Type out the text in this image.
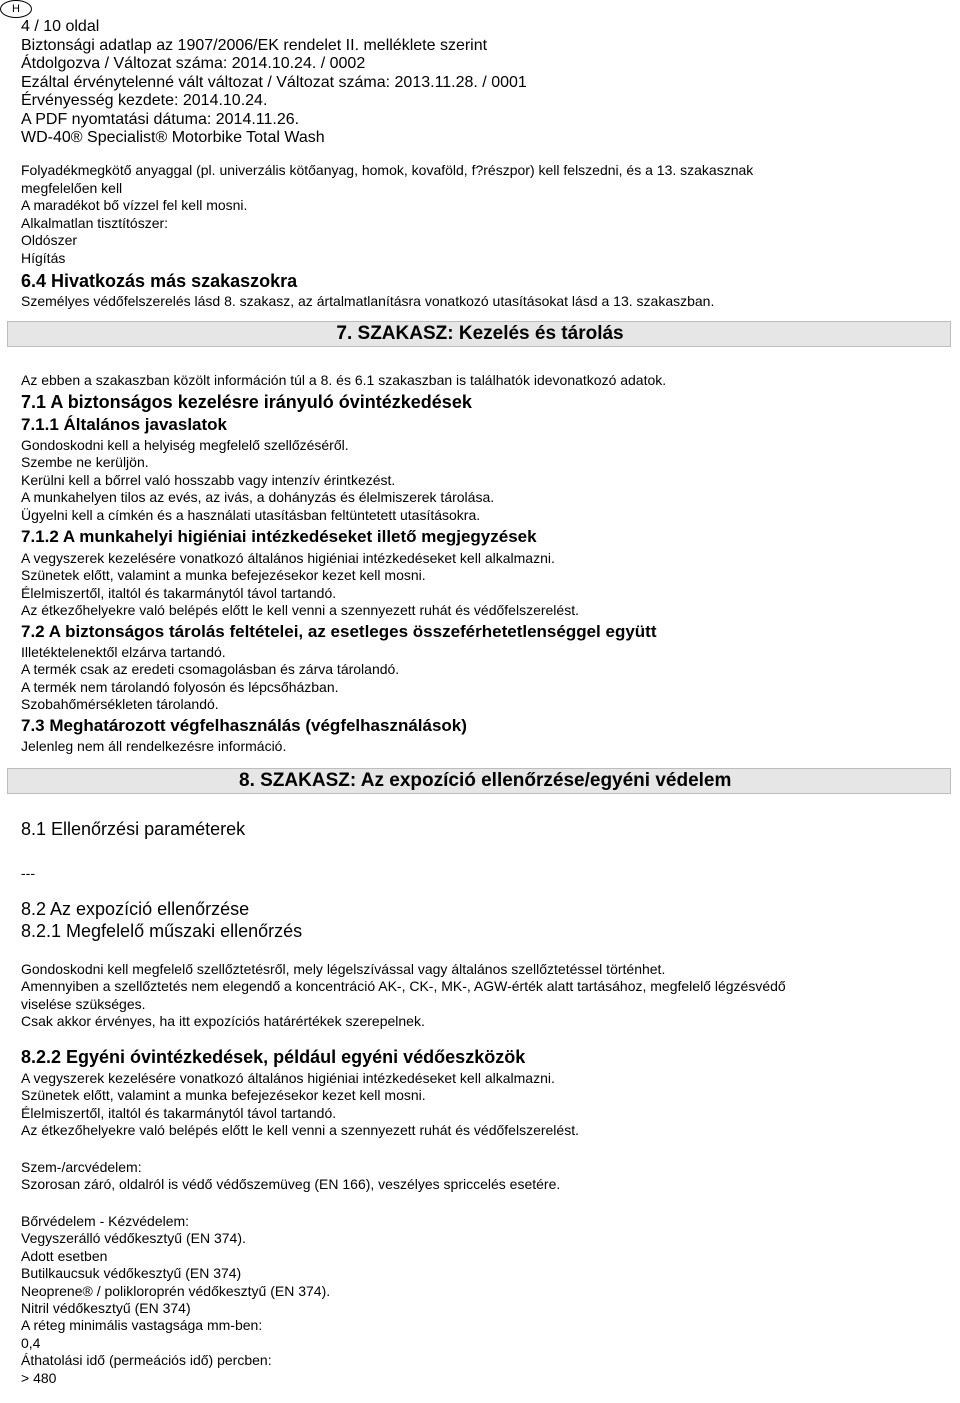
H
4 / 10 oldal
Biztonsági adatlap az 1907/2006/EK rendelet II. melléklete szerint
Átdolgozva / Változat száma: 2014.10.24. / 0002
Ezáltal érvénytelenné vált változat / Változat száma: 2013.11.28. / 0001
Érvényesség kezdete: 2014.10.24.
A PDF nyomtatási dátuma: 2014.11.26.
WD-40® Specialist® Motorbike Total Wash
Folyadékmegkötő anyaggal (pl. univerzális kötőanyag, homok, kovaföld, f?részpor) kell felszedni, és a 13. szakasznak
megfelelően kell
A maradékot bő vízzel fel kell mosni.
Alkalmatlan tisztítószer:
Oldószer
Hígítás
6.4 Hivatkozás más szakaszokra
Személyes védőfelszerelés lásd 8. szakasz, az ártalmatlanításra vonatkozó utasításokat lásd a 13. szakaszban.
7. SZAKASZ: Kezelés és tárolás
Az ebben a szakaszban közölt információn túl a 8. és 6.1 szakaszban is találhatók idevonatkozó adatok.
7.1 A biztonságos kezelésre irányuló óvintézkedések
7.1.1 Általános javaslatok
Gondoskodni kell a helyiség megfelelő szellőzéséről.
Szembe ne kerüljön.
Kerülni kell a bőrrel való hosszabb vagy intenzív érintkezést.
A munkahelyen tilos az evés, az ivás, a dohányzás és élelmiszerek tárolása.
Ügyelni kell a címkén és a használati utasításban feltüntetett utasításokra.
7.1.2 A munkahelyi higiéniai intézkedéseket illető megjegyzések
A vegyszerek kezelésére vonatkozó általános higiéniai intézkedéseket kell alkalmazni.
Szünetek előtt, valamint a munka befejezésekor kezet kell mosni.
Élelmiszertől, italtól és takarmánytól távol tartandó.
Az étkezőhelyekre való belépés előtt le kell venni a szennyezett ruhát és védőfelszerelést.
7.2 A biztonságos tárolás feltételei, az esetleges összeférhetetlenséggel együtt
Illetéktelenektől elzárva tartandó.
A termék csak az eredeti csomagolásban és zárva tárolandó.
A termék nem tárolandó folyosón és lépcsőházban.
Szobahőmérsékleten tárolandó.
7.3 Meghatározott végfelhasználás (végfelhasználások)
Jelenleg nem áll rendelkezésre információ.
8. SZAKASZ: Az expozíció ellenőrzése/egyéni védelem
8.1 Ellenőrzési paraméterek
---
8.2 Az expozíció ellenőrzése
8.2.1 Megfelelő műszaki ellenőrzés
Gondoskodni kell megfelelő szellőztetésről, mely légelszívással vagy általános szellőztetéssel történhet.
Amennyiben a szellőztetés nem elegendő a koncentráció AK-, CK-, MK-, AGW-érték alatt tartásához, megfelelő légzésvédő
viselése szükséges.
Csak akkor érvényes, ha itt expozíciós határértékek szerepelnek.
8.2.2 Egyéni óvintézkedések, például egyéni védőeszközök
A vegyszerek kezelésére vonatkozó általános higiéniai intézkedéseket kell alkalmazni.
Szünetek előtt, valamint a munka befejezésekor kezet kell mosni.
Élelmiszertől, italtól és takarmánytól távol tartandó.
Az étkezőhelyekre való belépés előtt le kell venni a szennyezett ruhát és védőfelszerelést.
Szem-/arcvédelem:
Szorosan záró, oldalról is védő védőszemüveg (EN 166), veszélyes spriccelés esetére.
Bőrvédelem - Kézvédelem:
Vegyszerálló védőkesztyű (EN 374).
Adott esetben
Butilkaucsuk védőkesztyű (EN 374)
Neoprene® / polikloroprén védőkesztyű (EN 374).
Nitril védőkesztyű (EN 374)
A réteg minimális vastagsága mm-ben:
0,4
Áthatolási idő (permeációs idő) percben:
> 480
